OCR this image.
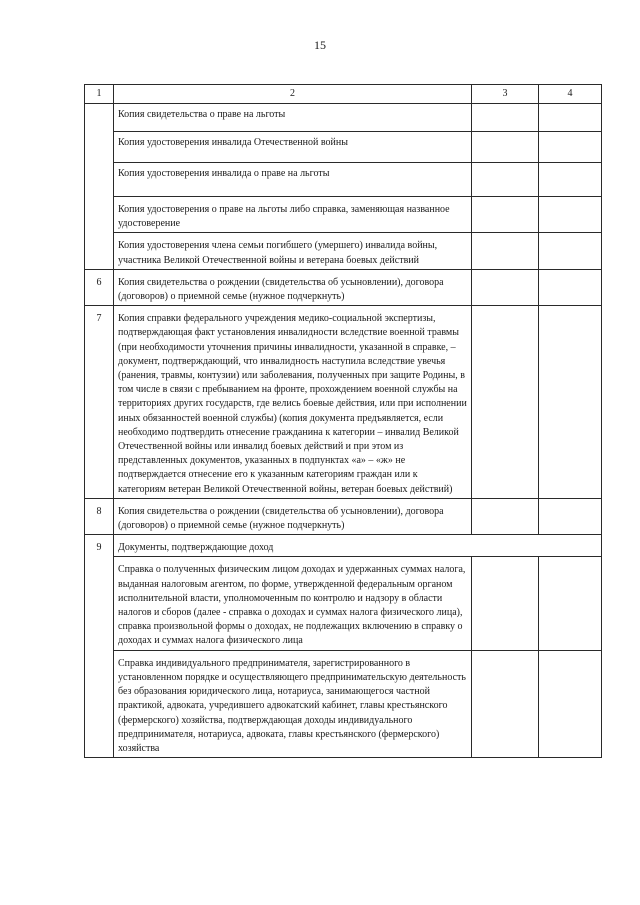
15
1	2	3	4
	Копия свидетельства о праве на льготы		
	Копия удостоверения инвалида Отечественной войны		
	Копия удостоверения инвалида о праве на льготы		
	Копия удостоверения о праве на льготы либо справка, заменяющая названное удостоверение		
	Копия удостоверения члена семьи погибшего (умершего) инвалида войны, участника Великой Отечественной войны и ветерана боевых действий		
6	Копия свидетельства о рождении (свидетельства об усыновлении), договора (договоров) о приемной семье (нужное подчеркнуть)		
7	Копия справки федерального учреждения медико-социальной экспертизы, подтверждающая факт установления инвалидности вследствие военной травмы (при необходимости уточнения причины инвалидности, указанной в справке, – документ, подтверждающий, что инвалидность наступила вследствие увечья (ранения, травмы, контузии) или заболевания, полученных при защите Родины, в том числе в связи с пребыванием на фронте, прохождением военной службы на территориях других государств, где велись боевые действия, или при исполнении иных обязанностей военной службы) (копия документа предъявляется, если необходимо подтвердить отнесение гражданина к категории – инвалид Великой Отечественной войны или инвалид боевых действий и при этом из представленных документов, указанных в подпунктах «а» – «ж» не подтверждается отнесение его к указанным категориям граждан или к категориям ветеран Великой Отечественной войны, ветеран боевых действий)		
8	Копия свидетельства о рождении (свидетельства об усыновлении), договора (договоров) о приемной семье (нужное подчеркнуть)		
9	Документы, подтверждающие доход		
	Справка о полученных физическим лицом доходах и удержанных суммах налога, выданная налоговым агентом, по форме, утвержденной федеральным органом исполнительной власти, уполномоченным по контролю и надзору в области налогов и сборов (далее - справка о доходах и суммах налога физического лица), справка произвольной формы о доходах, не подлежащих включению в справку о доходах и суммах налога физического лица		
	Справка индивидуального предпринимателя, зарегистрированного в установленном порядке и осуществляющего предпринимательскую деятельность без образования юридического лица, нотариуса, занимающегося частной практикой, адвоката, учредившего адвокатский кабинет, главы крестьянского (фермерского) хозяйства, подтверждающая доходы индивидуального предпринимателя, нотариуса, адвоката, главы крестьянского (фермерского) хозяйства		
